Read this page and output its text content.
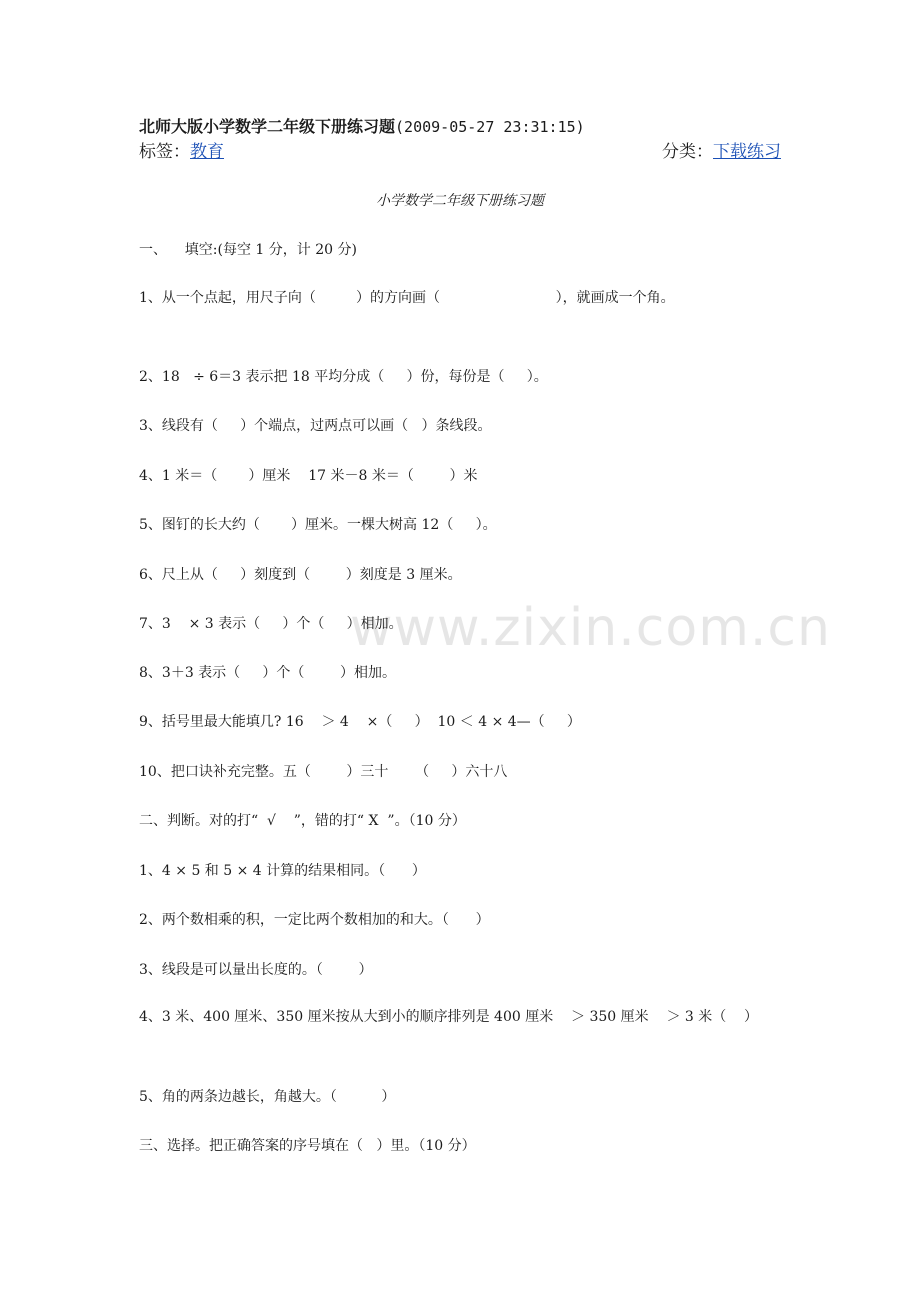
北师大版小学数学二年级下册练习题(2009-05-27 23:31:15)
标签：教育	分类：下载练习
小学数学二年级下册练习题
www.zixin.com.cn
一、    填空:(每空 1 分，计 20 分)
1、从一个点起，用尺子向（         ）的方向画（                          ），就画成一个角。
2、18   ÷ 6＝3 表示把 18 平均分成（     ）份，每份是（     ）。
3、线段有（     ）个端点，过两点可以画（   ）条线段。
4、1 米＝（       ）厘米    17 米－8 米＝（        ）米
5、图钉的长大约（       ）厘米。一棵大树高 12（     ）。
6、尺上从（     ）刻度到（        ）刻度是 3 厘米。
7、3    × 3 表示（     ）个（     ）相加。
8、3＋3 表示（     ）个（        ）相加。
9、括号里最大能填几? 16    ＞ 4    ×（     ）  10 ＜ 4 × 4—（     ）
10、把口诀补充完整。五（        ）三十      （     ）六十八
二、判断。对的打“  √    ”，错的打“ X  ”。（10 分）
1、4 × 5 和 5 × 4 计算的结果相同。（      ）
2、两个数相乘的积，一定比两个数相加的和大。（      ）
3、线段是可以量出长度的。（        ）
4、3 米、400 厘米、350 厘米按从大到小的顺序排列是 400 厘米    ＞ 350 厘米    ＞ 3 米（    ）
5、角的两条边越长，角越大。（          ）
三、选择。把正确答案的序号填在（   ）里。（10 分）
